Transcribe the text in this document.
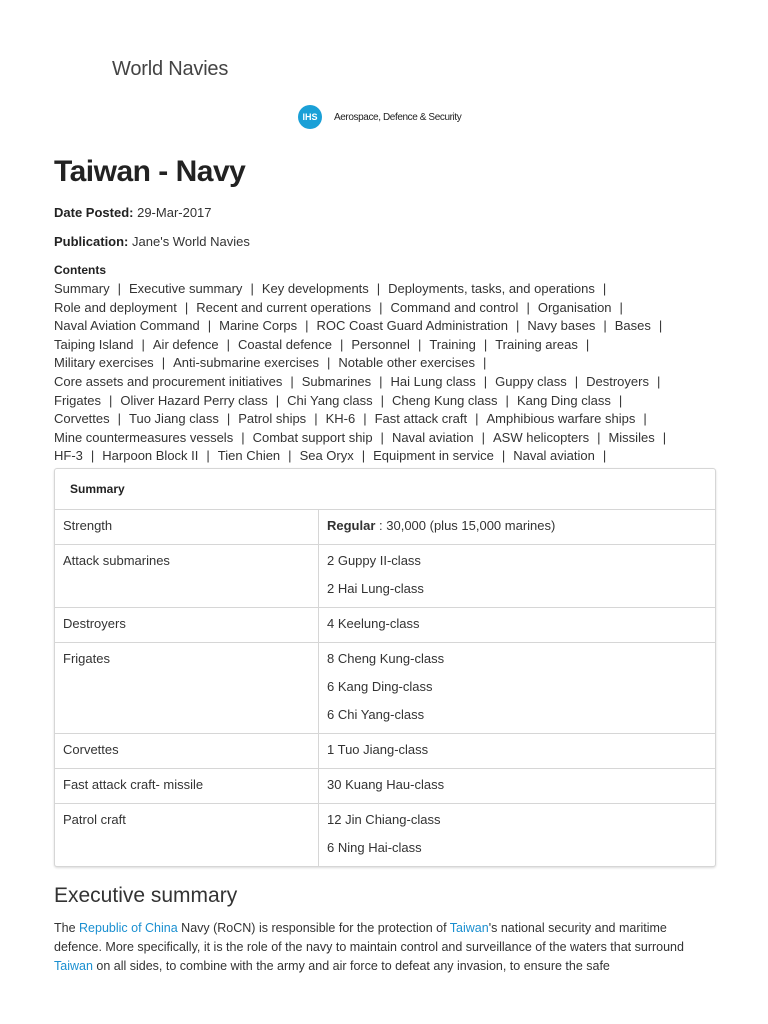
World Navies
IHS	Aerospace, Defence & Security
Taiwan - Navy
Date Posted: 29-Mar-2017
Publication: Jane's World Navies
Contents
Summary | Executive summary | Key developments | Deployments, tasks, and operations |
Role and deployment | Recent and current operations | Command and control | Organisation |
Naval Aviation Command | Marine Corps | ROC Coast Guard Administration | Navy bases | Bases |
Taiping Island | Air defence | Coastal defence | Personnel | Training | Training areas |
Military exercises | Anti-submarine exercises | Notable other exercises |
Core assets and procurement initiatives | Submarines | Hai Lung class | Guppy class | Destroyers |
Frigates | Oliver Hazard Perry class | Chi Yang class | Cheng Kung class | Kang Ding class |
Corvettes | Tuo Jiang class | Patrol ships | KH-6 | Fast attack craft | Amphibious warfare ships |
Mine countermeasures vessels | Combat support ship | Naval aviation | ASW helicopters | Missiles |
HF-3 | Harpoon Block II | Tien Chien | Sea Oryx | Equipment in service | Naval aviation |
Summary
Strength	Regular : 30,000 (plus 15,000 marines)

Attack submarines	2 Guppy II-class
2 Hai Lung-class

Destroyers	4 Keelung-class

Frigates	8 Cheng Kung-class
6 Kang Ding-class
6 Chi Yang-class

Corvettes	1 Tuo Jiang-class

Fast attack craft- missile	30 Kuang Hau-class

Patrol craft	12 Jin Chiang-class
6 Ning Hai-class
Executive summary
The Republic of China Navy (RoCN) is responsible for the protection of Taiwan's national security and maritime defence. More specifically, it is the role of the navy to maintain control and surveillance of the waters that surround Taiwan on all sides, to combine with the army and air force to defeat any invasion, to ensure the safe
